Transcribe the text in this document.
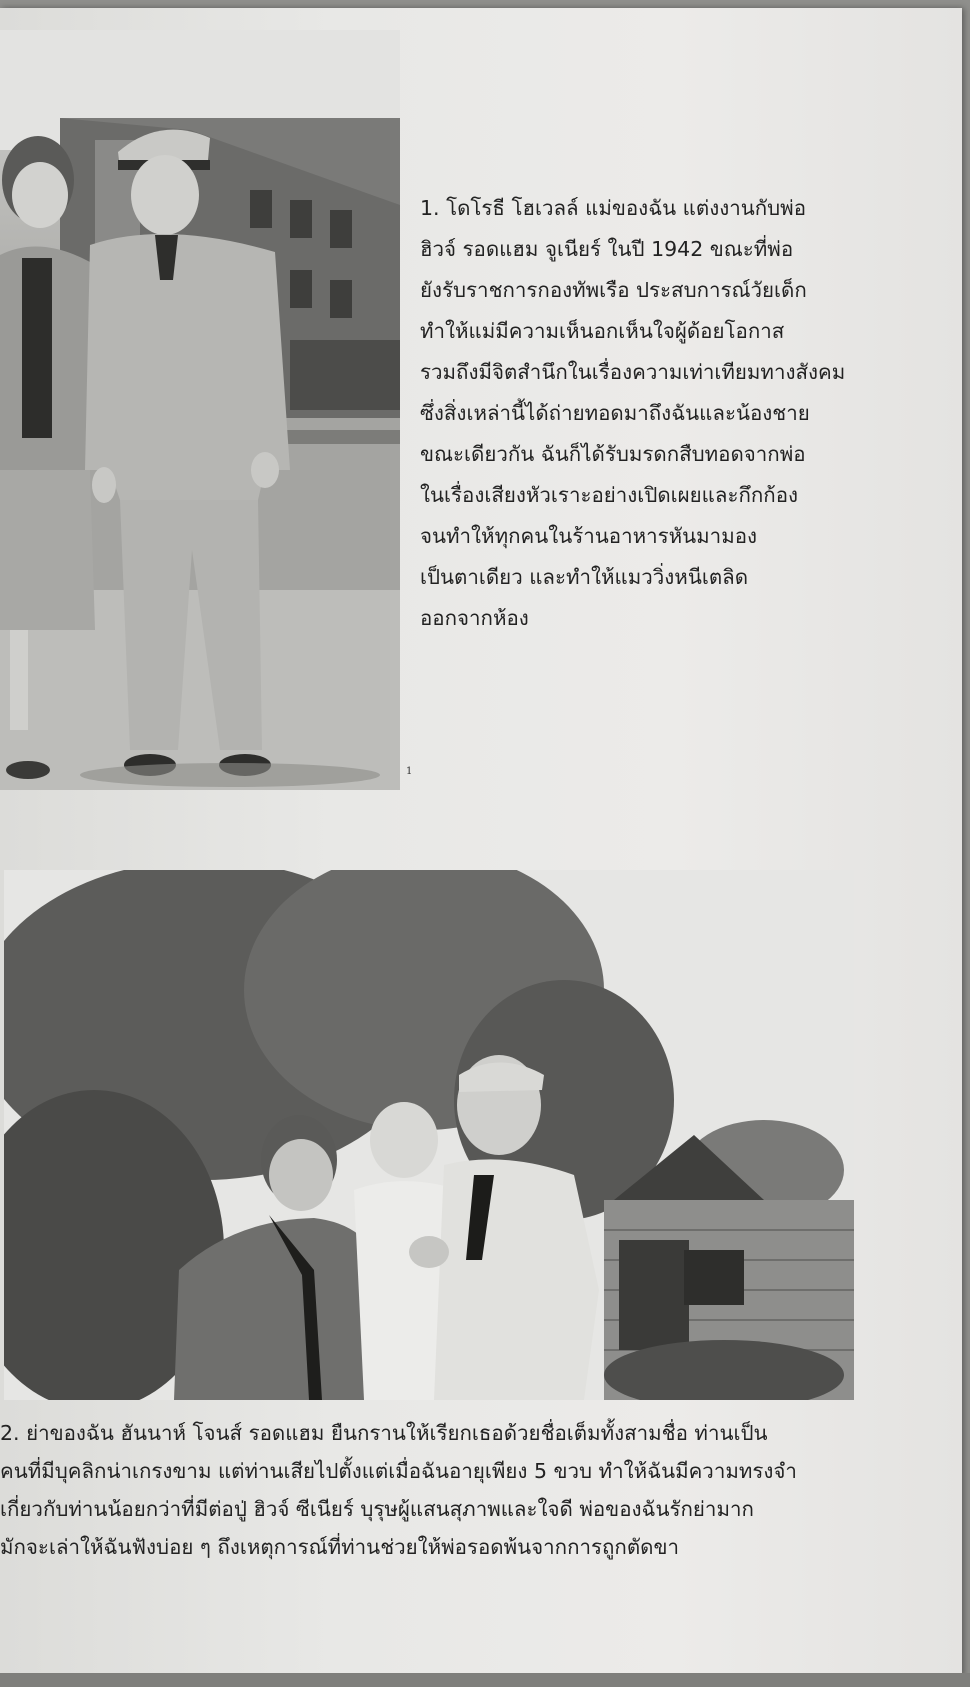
1

1. โดโรธี โฮเวลล์ แม่ของฉัน แต่งงานกับพ่อ
ฮิวจ์ รอดแฮม จูเนียร์ ในปี 1942 ขณะที่พ่อ
ยังรับราชการกองทัพเรือ ประสบการณ์วัยเด็ก
ทำให้แม่มีความเห็นอกเห็นใจผู้ด้อยโอกาส
รวมถึงมีจิตสำนึกในเรื่องความเท่าเทียมทางสังคม
ซึ่งสิ่งเหล่านี้ได้ถ่ายทอดมาถึงฉันและน้องชาย
ขณะเดียวกัน ฉันก็ได้รับมรดกสืบทอดจากพ่อ
ในเรื่องเสียงหัวเราะอย่างเปิดเผยและกึกก้อง
จนทำให้ทุกคนในร้านอาหารหันมามอง
เป็นตาเดียว และทำให้แมววิ่งหนีเตลิด
ออกจากห้อง

2. ย่าของฉัน ฮันนาห์ โจนส์ รอดแฮม ยืนกรานให้เรียกเธอด้วยชื่อเต็มทั้งสามชื่อ ท่านเป็น
คนที่มีบุคลิกน่าเกรงขาม แต่ท่านเสียไปตั้งแต่เมื่อฉันอายุเพียง 5 ขวบ ทำให้ฉันมีความทรงจำ
เกี่ยวกับท่านน้อยกว่าที่มีต่อปู่ ฮิวจ์ ซีเนียร์ บุรุษผู้แสนสุภาพและใจดี พ่อของฉันรักย่ามาก
มักจะเล่าให้ฉันฟังบ่อย ๆ ถึงเหตุการณ์ที่ท่านช่วยให้พ่อรอดพ้นจากการถูกตัดขา
